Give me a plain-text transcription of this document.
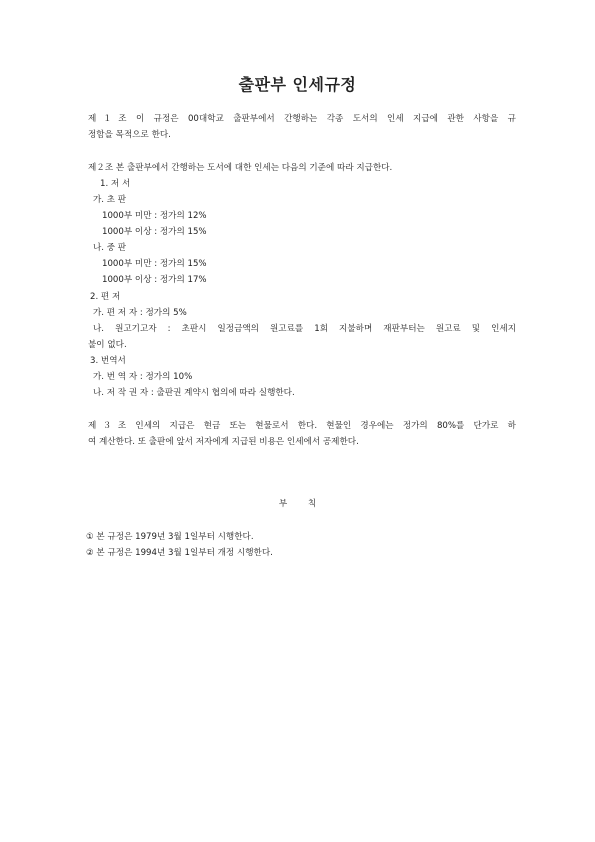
출판부 인세규정
제１조 이 규정은 00대학교 출판부에서 간행하는 각종 도서의 인세 지급에 관한 사항을 규
정함을 목적으로 한다.
제２조 본 출판부에서 간행하는 도서에 대한 인세는 다음의 기준에 따라 지급한다.
1. 저 서
가. 초 판
1000부 미만 : 정가의 12%
1000부 이상 : 정가의 15%
나. 중 판
1000부 미만 : 정가의 15%
1000부 이상 : 정가의 17%
2. 편 저
가. 편 저 자 : 정가의 5%
나. 원고기고자 : 초판시 일정금액의 원고료를 1회 지불하며 재판부터는 원고료 및 인세지
불이 없다.
3. 번역서
가. 번 역 자 : 정가의 10%
나. 저 작 권 자 : 출판권 계약시 협의에 따라 실행한다.
제３조 인세의 지급은 현금 또는 현물로서 한다. 현물인 경우에는 정가의 80%를 단가로 하
여 계산한다. 또 출판에 앞서 저자에게 지급된 비용은 인세에서 공제한다.
부 칙
① 본 규정은 1979년 3월 1일부터 시행한다.
② 본 규정은 1994년 3월 1일부터 개정 시행한다.
